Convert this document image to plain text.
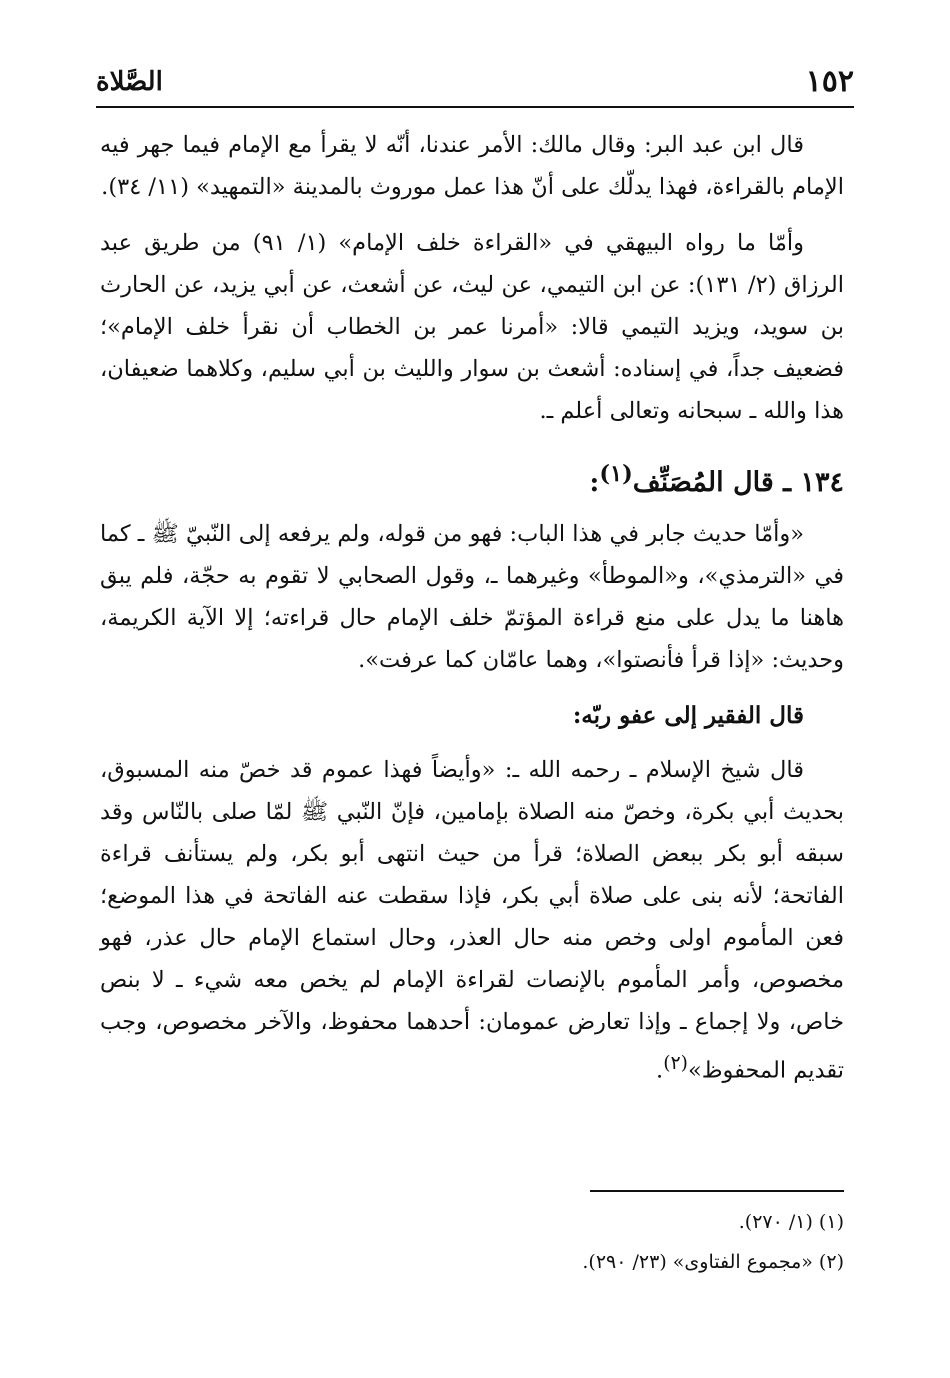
١٥٢
الصَّلاة

قال ابن عبد البر: وقال مالك: الأمر عندنا، أنّه لا يقرأ مع الإمام فيما جهر فيه الإمام بالقراءة، فهذا يدلّك على أنّ هذا عمل موروث بالمدينة «التمهيد» (١١/ ٣٤).

وأمّا ما رواه البيهقي في «القراءة خلف الإمام» (١/ ٩١) من طريق عبد الرزاق (٢/ ١٣١): عن ابن التيمي، عن ليث، عن أشعث، عن أبي يزيد، عن الحارث بن سويد، ويزيد التيمي قالا: «أمرنا عمر بن الخطاب أن نقرأ خلف الإمام»؛ فضعيف جداً، في إسناده: أشعث بن سوار والليث بن أبي سليم، وكلاهما ضعيفان، هذا والله ـ سبحانه وتعالى أعلم ـ.

١٣٤ ـ قال المُصَنِّف$^{(١)}$:

«وأمّا حديث جابر في هذا الباب: فهو من قوله، ولم يرفعه إلى النّبيّ ﷺ ـ كما في «الترمذي»، و«الموطأ» وغيرهما ـ، وقول الصحابي لا تقوم به حجّة، فلم يبق هاهنا ما يدل على منع قراءة المؤتمّ خلف الإمام حال قراءته؛ إلا الآية الكريمة، وحديث: «إذا قرأ فأنصتوا»، وهما عامّان كما عرفت».

قال الفقير إلى عفو ربّه:

قال شيخ الإسلام ـ رحمه الله ـ: «وأيضاً فهذا عموم قد خصّ منه المسبوق، بحديث أبي بكرة، وخصّ منه الصلاة بإمامين، فإنّ النّبي ﷺ لمّا صلى بالنّاس وقد سبقه أبو بكر ببعض الصلاة؛ قرأ من حيث انتهى أبو بكر، ولم يستأنف قراءة الفاتحة؛ لأنه بنى على صلاة أبي بكر، فإذا سقطت عنه الفاتحة في هذا الموضع؛ فعن المأموم اولى وخص منه حال العذر، وحال استماع الإمام حال عذر، فهو مخصوص، وأمر المأموم بالإنصات لقراءة الإمام لم يخص معه شيء ـ لا بنص خاص، ولا إجماع ـ وإذا تعارض عمومان: أحدهما محفوظ، والآخر مخصوص، وجب تقديم المحفوظ»$^{(٢)}$.

(١) (١/ ٢٧٠).

(٢) «مجموع الفتاوى» (٢٣/ ٢٩٠).
